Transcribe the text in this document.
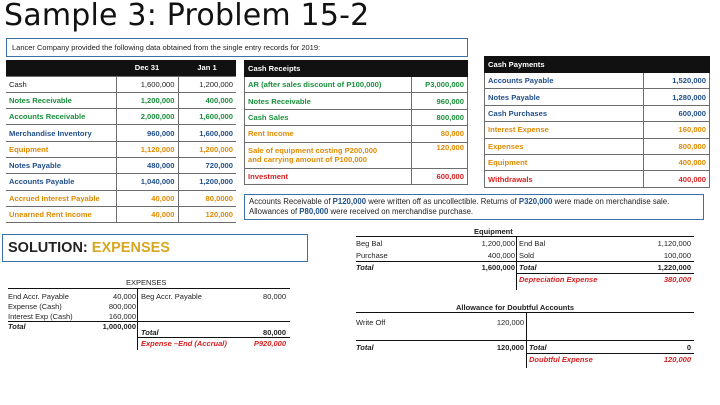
Sample 3: Problem 15-2
Lancer Company provided the following data obtained from the single entry records for 2019:
	Dec 31	Jan 1
Cash	1,600,000	1,200,000
Notes Receivable	1,200,000	400,000
Accounts Receivable	2,000,000	1,600,000
Merchandise Inventory	960,000	1,600,000
Equipment	1,120,000	1,200,000
Notes Payable	480,000	720,000
Accounts Payable	1,040,000	1,200,000
Accrued Interest Payable	40,000	80,0000
Unearned Rent Income	40,000	120,000
Cash Receipts	
AR (after sales discount of P100,000)	P3,000,000
Notes Receivable	960,000
Cash Sales	800,000
Rent Income	80,000

Sale of equipment costing P200,000
and carrying amount of P100,000	120,000
Investment	600,000
Cash Payments	
Accounts Payable	1,520,000
Notes Payable	1,280,000
Cash Purchases	600,000
Interest Expense	160,000
Expenses	800,000
Equipment	400,000
Withdrawals	400,000
Accounts Receivable of P120,000 were written off as uncollectible. Returns of P320,000 were made on merchandise sale. Allowances of P80,000 were received on merchandise purchase.
SOLUTION: EXPENSES
EXPENSES
End Accr. Payable	40,000
Expense (Cash)	800,000
Interest Exp (Cash)	160,000
Total	1,000,000
Beg Accr. Payable	80,000
Total	80,000
Expense –End (Accrual)	P920,000
Equipment
Beg Bal	1,200,000
Purchase	400,000
Total	1,600,000
End Bal	1,120,000
Sold	100,000
Total	1,220,000
Depreciation Expense	380,000
Allowance for Doubtful Accounts
Write Off	120,000
Total	120,000 Total	0
Doubtful Expense	120,000
